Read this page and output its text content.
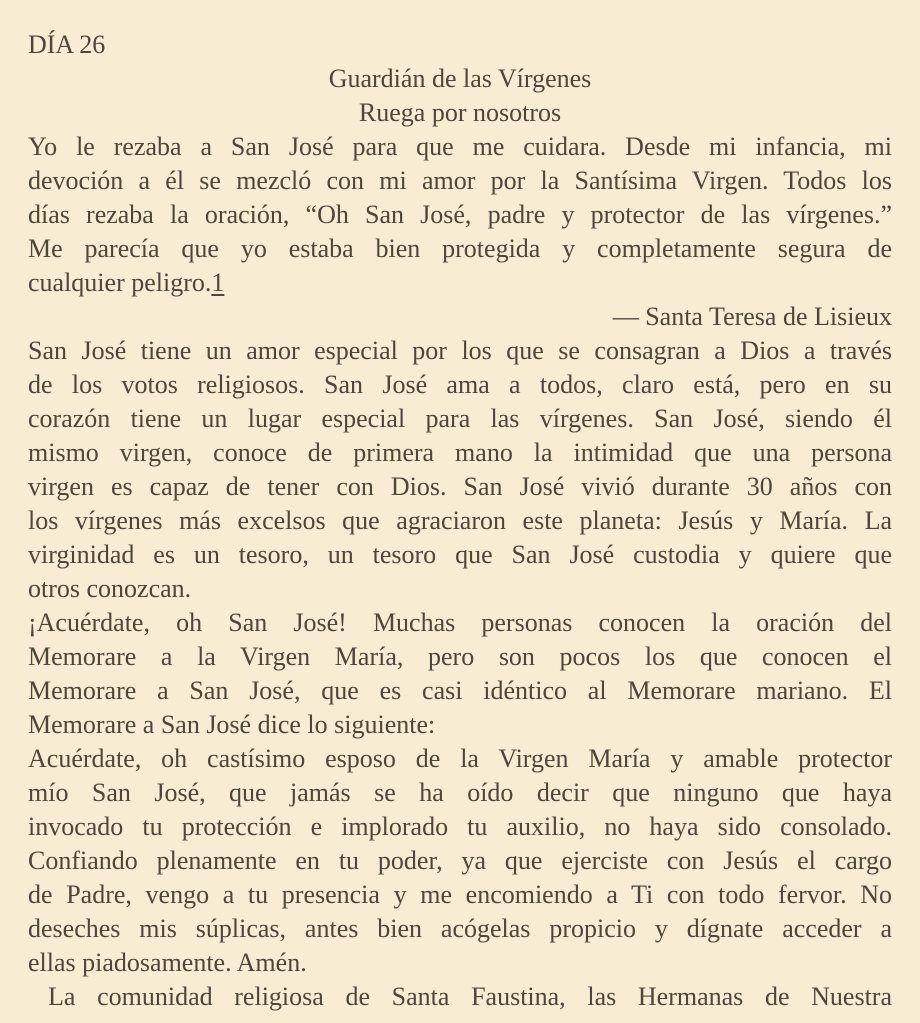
DÍA 26
Guardián de las Vírgenes
Ruega por nosotros
Yo le rezaba a San José para que me cuidara. Desde mi infancia, mi
devoción a él se mezcló con mi amor por la Santísima Virgen. Todos los
días rezaba la oración, “Oh San José, padre y protector de las vírgenes.”
Me parecía que yo estaba bien protegida y completamente segura de
cualquier peligro.1
— Santa Teresa de Lisieux
San José tiene un amor especial por los que se consagran a Dios a través
de los votos religiosos. San José ama a todos, claro está, pero en su
corazón tiene un lugar especial para las vírgenes. San José, siendo él
mismo virgen, conoce de primera mano la intimidad que una persona
virgen es capaz de tener con Dios. San José vivió durante 30 años con
los vírgenes más excelsos que agraciaron este planeta: Jesús y María. La
virginidad es un tesoro, un tesoro que San José custodia y quiere que
otros conozcan.
¡Acuérdate, oh San José! Muchas personas conocen la oración del
Memorare a la Virgen María, pero son pocos los que conocen el
Memorare a San José, que es casi idéntico al Memorare mariano. El
Memorare a San José dice lo siguiente:
Acuérdate, oh castísimo esposo de la Virgen María y amable protector
mío San José, que jamás se ha oído decir que ninguno que haya
invocado tu protección e implorado tu auxilio, no haya sido consolado.
Confiando plenamente en tu poder, ya que ejerciste con Jesús el cargo
de Padre, vengo a tu presencia y me encomiendo a Ti con todo fervor. No
deseches mis súplicas, antes bien acógelas propicio y dígnate acceder a
ellas piadosamente. Amén.
La comunidad religiosa de Santa Faustina, las Hermanas de Nuestra
